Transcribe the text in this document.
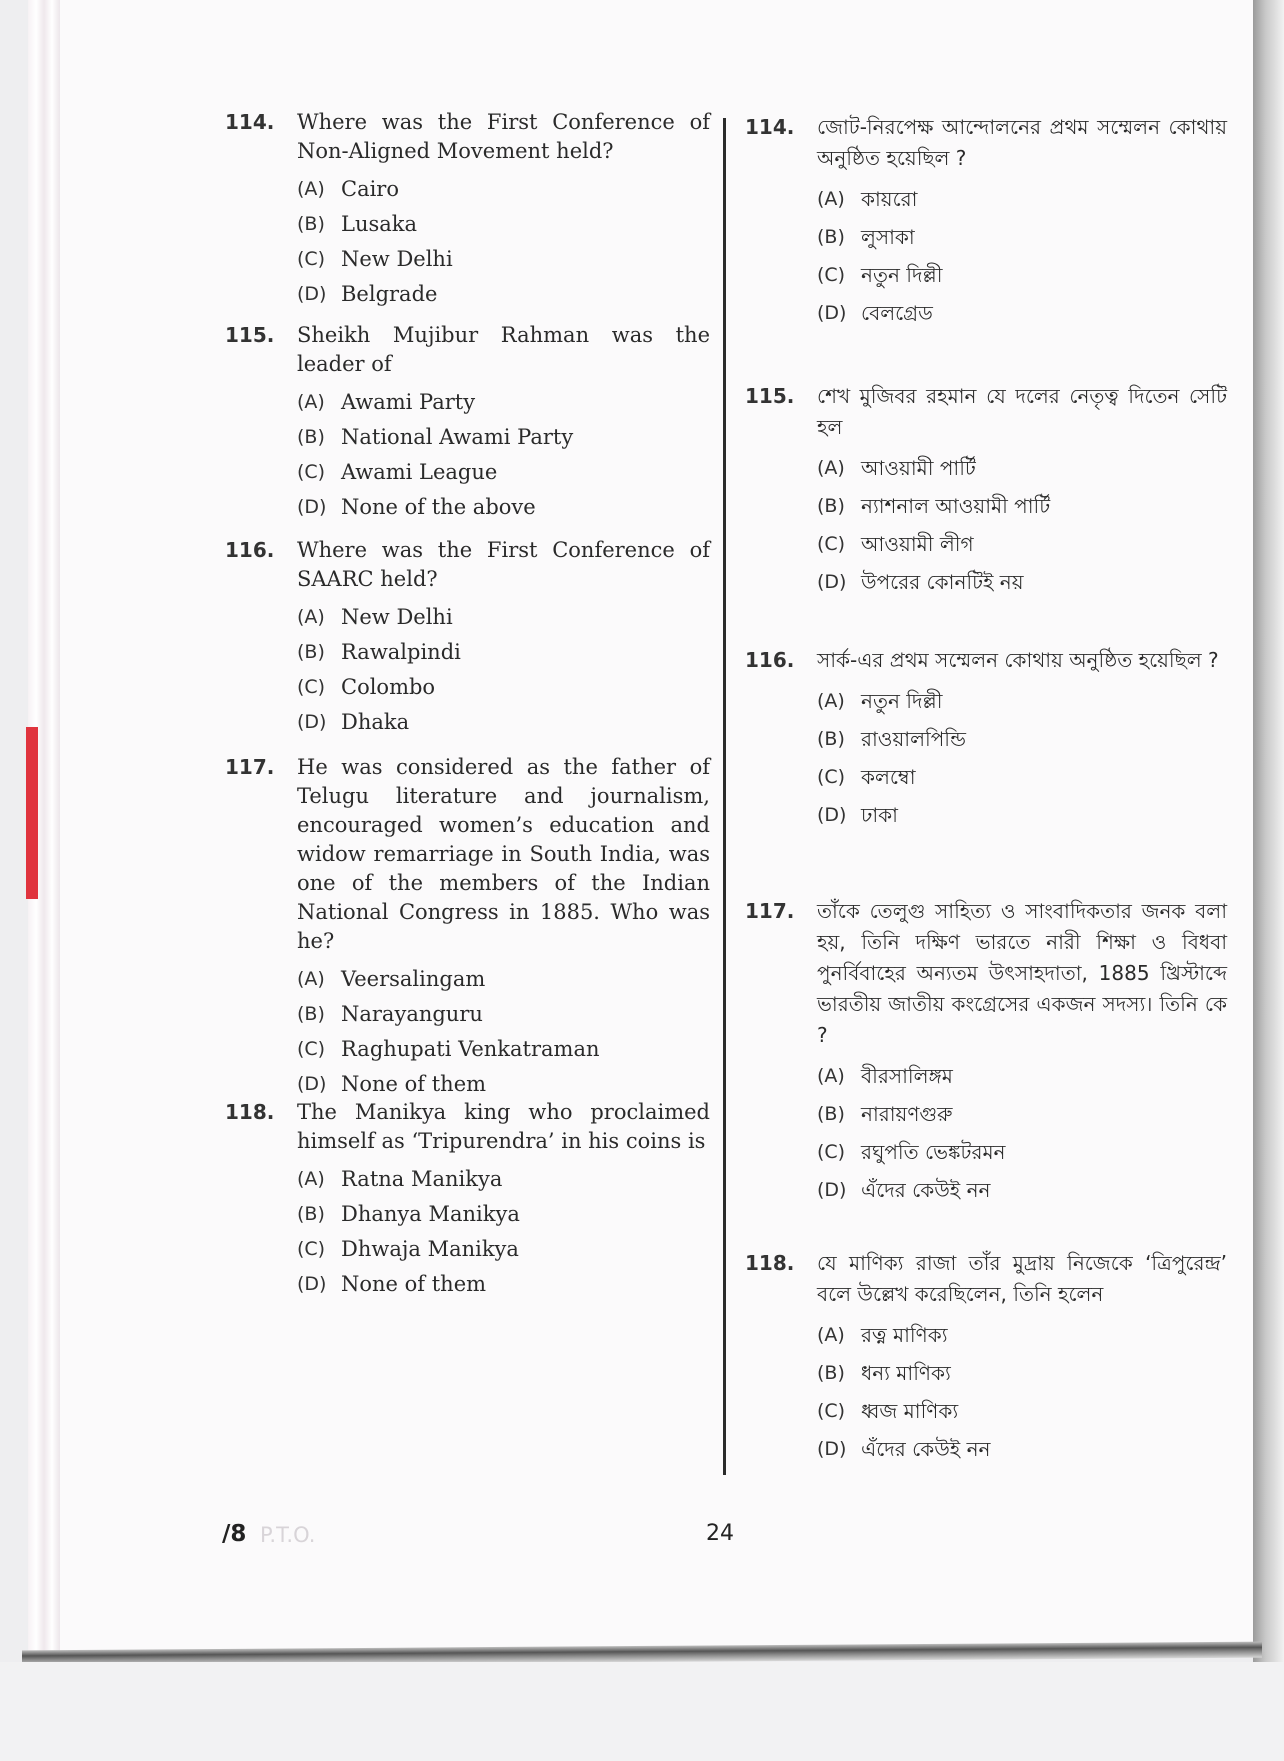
114. Where was the First Conference of Non-Aligned Movement held?
(A) Cairo
(B) Lusaka
(C) New Delhi
(D) Belgrade
115. Sheikh Mujibur Rahman was the leader of
(A) Awami Party
(B) National Awami Party
(C) Awami League
(D) None of the above
116. Where was the First Conference of SAARC held?
(A) New Delhi
(B) Rawalpindi
(C) Colombo
(D) Dhaka
117. He was considered as the father of Telugu literature and journalism, encouraged women’s education and widow remarriage in South India, was one of the members of the Indian National Congress in 1885. Who was he?
(A) Veersalingam
(B) Narayanguru
(C) Raghupati Venkatraman
(D) None of them
118. The Manikya king who proclaimed himself as ‘Tripurendra’ in his coins is
(A) Ratna Manikya
(B) Dhanya Manikya
(C) Dhwaja Manikya
(D) None of them
114. জোট-নিরপেক্ষ আন্দোলনের প্রথম সম্মেলন কোথায় অনুষ্ঠিত হয়েছিল ?
(A) কায়রো
(B) লুসাকা
(C) নতুন দিল্লী
(D) বেলগ্রেড
115. শেখ মুজিবর রহমান যে দলের নেতৃত্ব দিতেন সেটি হল
(A) আওয়ামী পার্টি
(B) ন্যাশনাল আওয়ামী পার্টি
(C) আওয়ামী লীগ
(D) উপরের কোনটিই নয়
116. সার্ক-এর প্রথম সম্মেলন কোথায় অনুষ্ঠিত হয়েছিল ?
(A) নতুন দিল্লী
(B) রাওয়ালপিন্ডি
(C) কলম্বো
(D) ঢাকা
117. তাঁকে তেলুগু সাহিত্য ও সাংবাদিকতার জনক বলা হয়, তিনি দক্ষিণ ভারতে নারী শিক্ষা ও বিধবা পুনর্বিবাহের অন্যতম উৎসাহদাতা, 1885 খ্রিস্টাব্দে ভারতীয় জাতীয় কংগ্রেসের একজন সদস্য। তিনি কে ?
(A) বীরসালিঙ্গম
(B) নারায়ণগুরু
(C) রঘুপতি ভেঙ্কটরমন
(D) এঁদের কেউই নন
118. যে মাণিক্য রাজা তাঁর মুদ্রায় নিজেকে ‘ত্রিপুরেন্দ্র’ বলে উল্লেখ করেছিলেন, তিনি হলেন
(A) রত্ন মাণিক্য
(B) ধন্য মাণিক্য
(C) ধ্বজ মাণিক্য
(D) এঁদের কেউই নন
/8 P.T.O.	24
